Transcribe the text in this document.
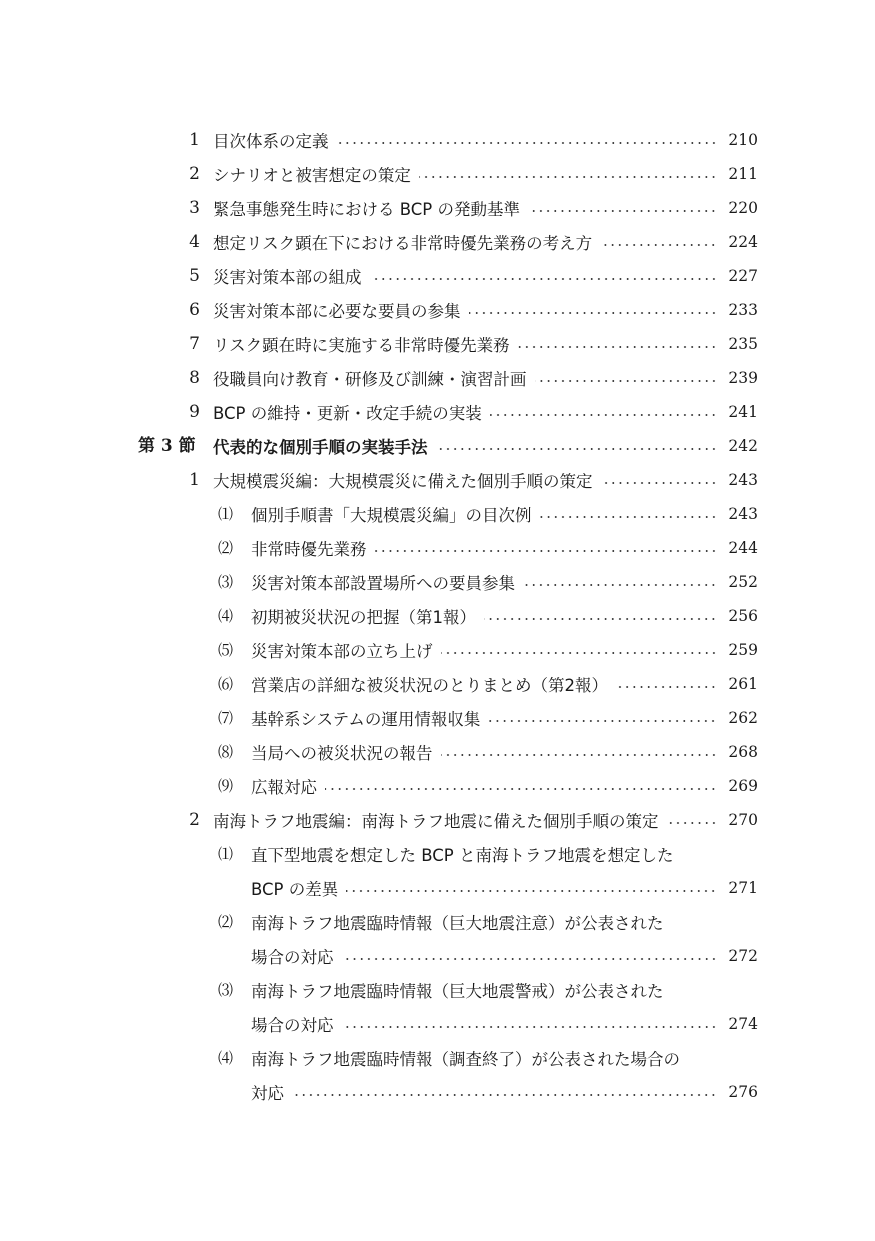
1 目次体系の定義	210
2 シナリオと被害想定の策定	211
3 緊急事態発生時における BCP の発動基準	220
4 想定リスク顕在下における非常時優先業務の考え方	224
5 災害対策本部の組成	227
6 災害対策本部に必要な要員の参集	233
7 リスク顕在時に実施する非常時優先業務	235
8 役職員向け教育・研修及び訓練・演習計画	239
9 BCP の維持・更新・改定手続の実装	241
第 3 節	代表的な個別手順の実装手法	242
1 大規模震災編：大規模震災に備えた個別手順の策定	243
⑴ 個別手順書「大規模震災編」の目次例	243
⑵ 非常時優先業務	244
⑶ 災害対策本部設置場所への要員参集	252
⑷ 初期被災状況の把握（第1報）	256
⑸ 災害対策本部の立ち上げ	259
⑹ 営業店の詳細な被災状況のとりまとめ（第2報）	261
⑺ 基幹系システムの運用情報収集	262
⑻ 当局への被災状況の報告	268
⑼ 広報対応	269
2 南海トラフ地震編：南海トラフ地震に備えた個別手順の策定	270
⑴ 直下型地震を想定した BCP と南海トラフ地震を想定した
BCP の差異	271
⑵ 南海トラフ地震臨時情報（巨大地震注意）が公表された
場合の対応	272
⑶ 南海トラフ地震臨時情報（巨大地震警戒）が公表された
場合の対応	274
⑷ 南海トラフ地震臨時情報（調査終了）が公表された場合の
対応	276
